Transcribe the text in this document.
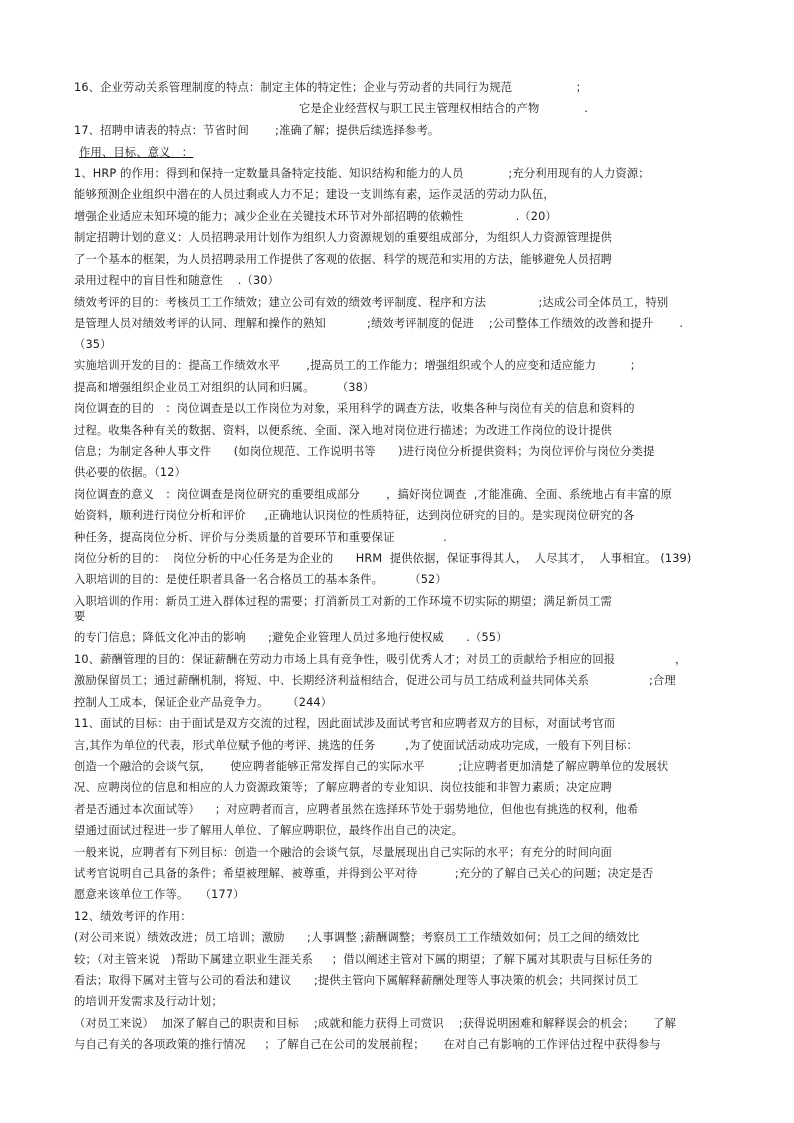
16、企业劳动关系管理制度的特点：制定主体的特定性；企业与劳动者的共同行为规范                 ；
它是企业经营权与职工民主管理权相结合的产物            .
17、招聘申请表的特点：节省时间       ;准确了解；提供后续选择参考。
作用、目标、意义   ：
1、HRP 的作用：得到和保持一定数量具备特定技能、知识结构和能力的人员            ;充分利用现有的人力资源；
能够预测企业组织中潜在的人员过剩或人力不足；建设一支训练有素，运作灵活的劳动力队伍，
增强企业适应未知环境的能力；减少企业在关键技术环节对外部招聘的依赖性              .（20）
制定招聘计划的意义：人员招聘录用计划作为组织人力资源规划的重要组成部分，为组织人力资源管理提供
了一个基本的框架，为人员招聘录用工作提供了客观的依据、科学的规范和实用的方法，能够避免人员招聘
录用过程中的盲目性和随意性    .（30）
绩效考评的目的：考核员工工作绩效；建立公司有效的绩效考评制度、程序和方法              ;达成公司全体员工，特别
是管理人员对绩效考评的认同、理解和操作的熟知           ;绩效考评制度的促进    ;公司整体工作绩效的改善和提升       .
（35）
实施培训开发的目的：提高工作绩效水平       ,提高员工的工作能力；增强组织或个人的应变和适应能力         ；
提高和增强组织企业员工对组织的认同和归属。      （38）
岗位调查的目的   ：岗位调查是以工作岗位为对象，采用科学的调查方法，收集各种与岗位有关的信息和资料的
过程。收集各种有关的数据、资料，以便系统、全面、深入地对岗位进行描述；为改进工作岗位的设计提供
信息；为制定各种人事文件      (如岗位规范、工作说明书等      )进行岗位分析提供资料；为岗位评价与岗位分类提
供必要的依据。（12）
岗位调查的意义   ：岗位调查是岗位研究的重要组成部分       ，搞好岗位调查  ,才能准确、全面、系统地占有丰富的原
始资料，顺利进行岗位分析和评价     ,正确地认识岗位的性质特征，达到岗位研究的目的。是实现岗位研究的各
种任务，提高岗位分析、评价与分类质量的首要环节和重要保证             .
岗位分析的目的：  岗位分析的中心任务是为企业的      HRM  提供依据，保证事得其人，  人尽其才，  人事相宜。 (139)
入职培训的目的：是使任职者具备一名合格员工的基本条件。       （52）
入职培训的作用：新员工进入群体过程的需要；打消新员工对新的工作环境不切实际的期望；满足新员工需
要
的专门信息；降低文化冲击的影响      ;避免企业管理人员过多地行使权威      .（55）
10、薪酬管理的目的：保证薪酬在劳动力市场上具有竞争性，吸引优秀人才；对员工的贡献给予相应的回报                ，
激励保留员工；通过薪酬机制，将短、中、长期经济利益相结合，促进公司与员工结成利益共同体关系                ;合理
控制人工成本，保证企业产品竞争力。     （244）
11、面试的目标：由于面试是双方交流的过程，因此面试涉及面试考官和应聘者双方的目标，对面试考官而
言,其作为单位的代表，形式单位赋予他的考评、挑选的任务        ,为了使面试活动成功完成，一般有下列目标：
创造一个融洽的会谈气氛，     使应聘者能够正常发挥自己的实际水平         ;让应聘者更加清楚了解应聘单位的发展状
况、应聘岗位的信息和相应的人力资源政策等；了解应聘者的专业知识、岗位技能和非智力素质；决定应聘
者是否通过本次面试等）    ；对应聘者而言，应聘者虽然在选择环节处于弱势地位，但他也有挑选的权利，他希
望通过面试过程进一步了解用人单位、了解应聘职位，最终作出自己的决定。
一般来说，应聘者有下列目标：创造一个融洽的会谈气氛，尽量展现出自己实际的水平；有充分的时间向面
试考官说明自己具备的条件；希望被理解、被尊重，并得到公平对待          ;充分的了解自己关心的问题；决定是否
愿意来该单位工作等。   （177）
12、绩效考评的作用：
(对公司来说）绩效改进；员工培训；激励      ;人事调整 ;薪酬调整；考察员工工作绩效如何；员工之间的绩效比
较；（对主管来说   )帮助下属建立职业生涯关系     ；借以阐述主管对下属的期望；了解下属对其职责与目标任务的
看法；取得下属对主管与公司的看法和建议      ;提供主管向下属解释薪酬处理等人事决策的机会；共同探讨员工
的培训开发需求及行动计划；
（对员工来说）  加深了解自己的职责和目标    ;成就和能力获得上司赏识    ;获得说明困难和解释误会的机会；     了解
与自己有关的各项政策的推行情况     ；了解自己在公司的发展前程；     在对自己有影响的工作评估过程中获得参与
